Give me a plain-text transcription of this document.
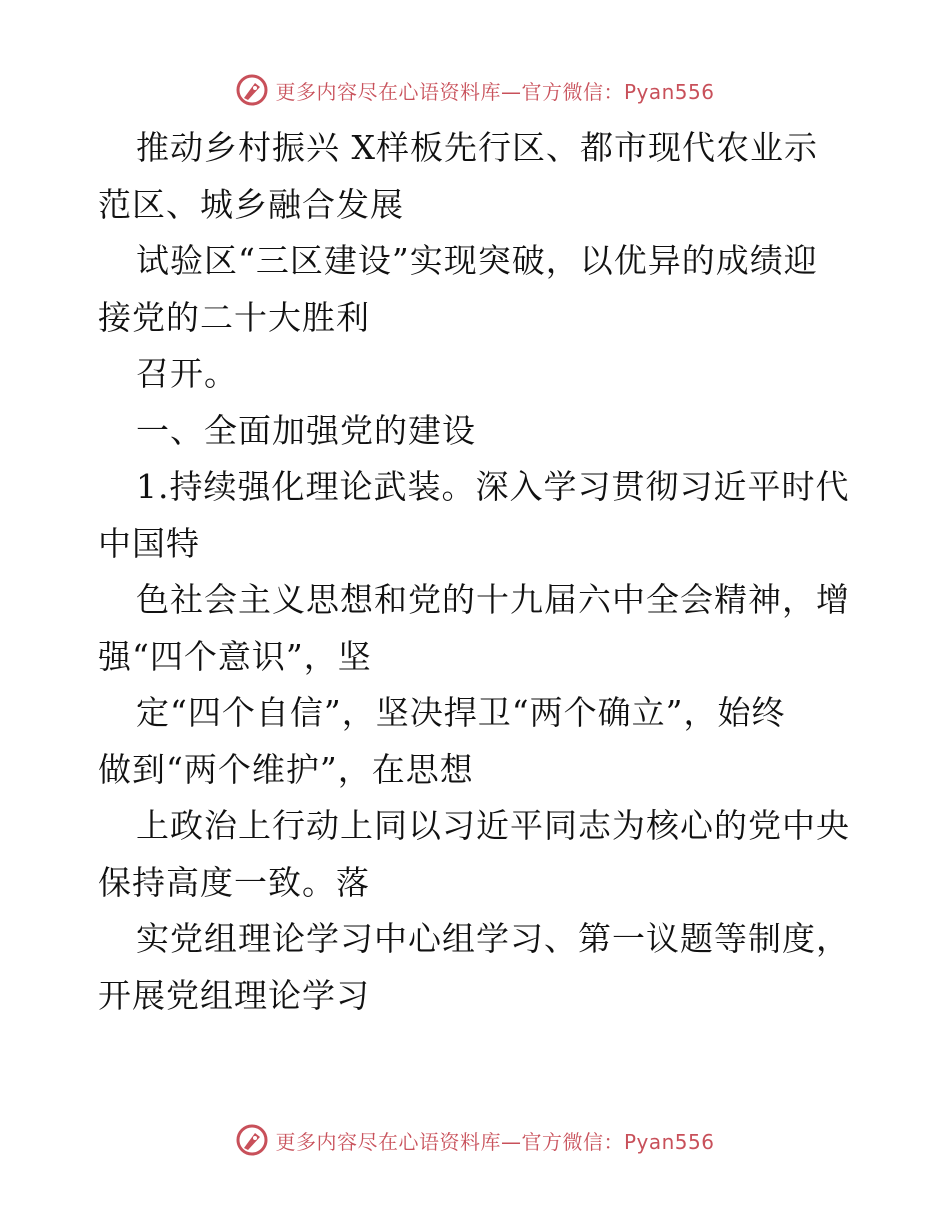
更多内容尽在心语资料库—官方微信：Pyan556

推动乡村振兴 X样板先行区、都市现代农业示

范区、城乡融合发展

试验区“三区建设”实现突破，以优异的成绩迎

接党的二十大胜利

召开。

一、全面加强党的建设

1.持续强化理论武装。深入学习贯彻习近平时代

中国特

色社会主义思想和党的十九届六中全会精神，增

强“四个意识”，坚

定“四个自信”，坚决捍卫“两个确立”，始终

做到“两个维护”，在思想

上政治上行动上同以习近平同志为核心的党中央

保持高度一致。落

实党组理论学习中心组学习、第一议题等制度，

开展党组理论学习

更多内容尽在心语资料库—官方微信：Pyan556
